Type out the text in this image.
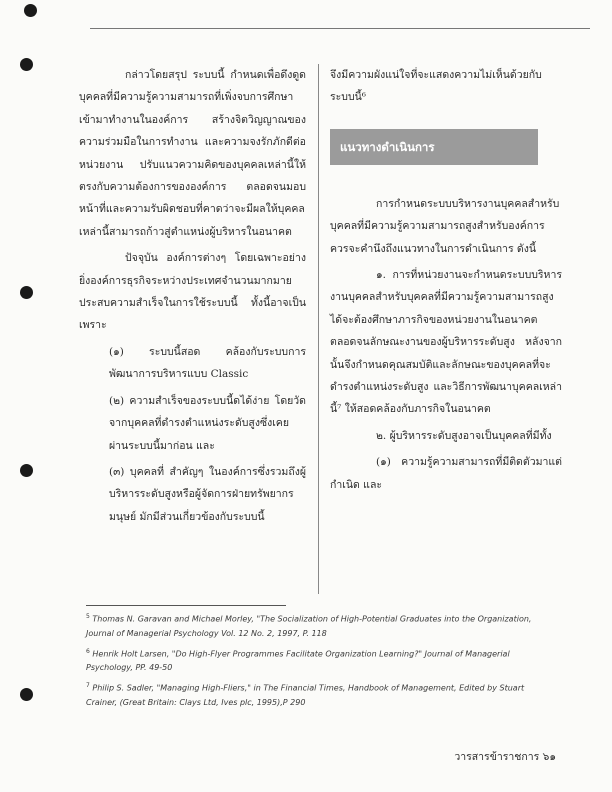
กล่าวโดยสรุป ระบบนี้ กำหนดเพื่อดึงดูดบุคคลที่มีความรู้ความสามารถที่เพิ่งจบการศึกษาเข้ามาทำงานในองค์การ สร้างจิตวิญญาณของความร่วมมือในการทำงาน และความจงรักภักดีต่อหน่วยงาน ปรับแนวความคิดของบุคคลเหล่านี้ให้ตรงกับความต้องการขององค์การ ตลอดจนมอบหน้าที่และความรับผิดชอบที่คาดว่าจะมีผลให้บุคคล เหล่านี้สามารถก้าวสู่ตำแหน่งผู้บริหารในอนาคต

ปัจจุบัน องค์การต่างๆ โดยเฉพาะอย่างยิ่งองค์การธุรกิจระหว่างประเทศจำนวนมากมายประสบความสำเร็จในการใช้ระบบนี้ ทั้งนี้อาจเป็นเพราะ

(๑) ระบบนี้สอด คล้องกับระบบการพัฒนาการบริหารแบบ Classic

(๒) ความสำเร็จของระบบนี้ดได้ง่าย โดยวัดจากบุคคลที่ดำรงตำแหน่งระดับสูงซึ่งเคยผ่านระบบนี้มาก่อน และ

(๓) บุคคลที่ สำคัญๆ ในองค์การซึ่งรวมถึงผู้บริหารระดับสูงหรือผู้จัดการฝ่ายทรัพยากรมนุษย์ มักมีส่วนเกี่ยวข้องกับระบบนี้

จึงมีความผังแน่ใจที่จะแสดงความไม่เห็นด้วยกับระบบนี้⁶

แนวทางดำเนินการ

การกำหนดระบบบริหารงานบุคคลสำหรับบุคคลที่มีความรู้ความสามารถสูงสำหรับองค์การ ควรจะคำนึงถึงแนวทางในการดำเนินการ ดังนี้

๑. การที่หน่วยงานจะกำหนดระบบบริหารงานบุคคลสำหรับบุคคลที่มีความรู้ความสามารถสูงได้จะต้องศึกษาภารกิจของหน่วยงานในอนาคต ตลอดจนลักษณะงานของผู้บริหารระดับสูง หลังจากนั้นจึงกำหนดคุณสมบัติและลักษณะของบุคคลที่จะดำรงตำแหน่งระดับสูง และวิธีการพัฒนาบุคคลเหล่านี้⁷ ให้สอดคล้องกับภารกิจในอนาคต

๒. ผู้บริหารระดับสูงอาจเป็นบุคคลที่มีทั้ง

(๑) ความรู้ความสามารถที่มีติดตัวมาแต่กำเนิด และ

$^5$ Thomas N. Garavan and Michael Morley, "The Socialization of High-Potential Graduates into the Organization, Journal of Managerial Psychology Vol. 12 No. 2, 1997, P. 118

$^6$ Henrik Holt Larsen, "Do High-Flyer Programmes Facilitate Organization Learning?" Journal of Managerial Psychology, PP. 49-50

$^7$ Philip S. Sadler, "Managing High-Fliers," in The Financial Times, Handbook of Management, Edited by Stuart Crainer, (Great Britain: Clays Ltd, Ives plc, 1995),P 290

วารสารข้าราชการ ๖๑
